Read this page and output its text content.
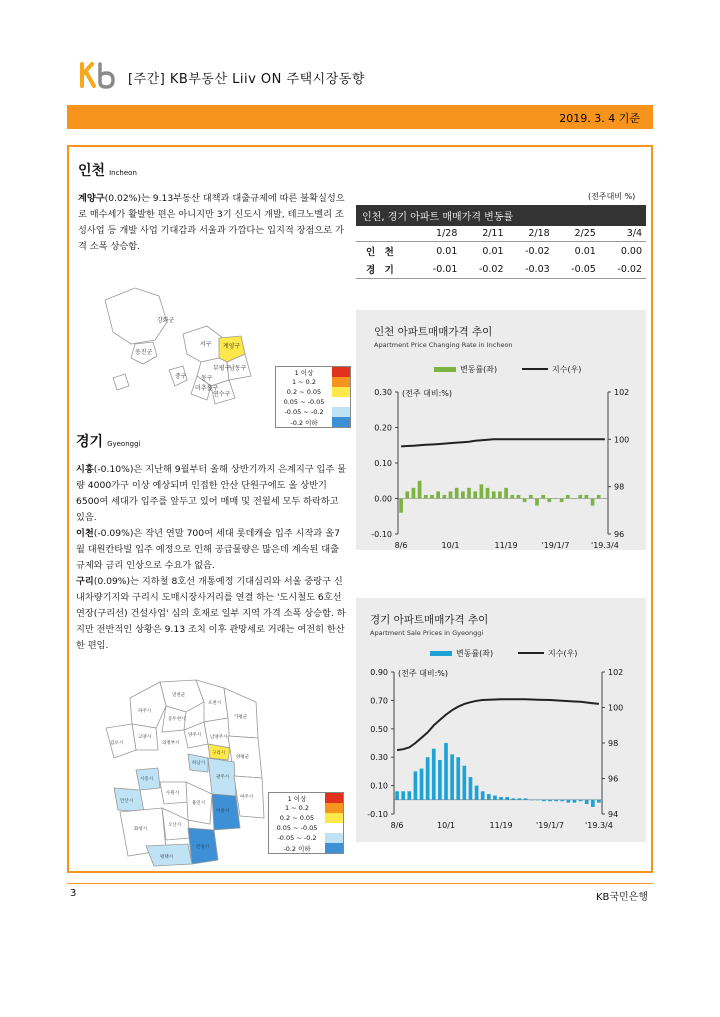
[주간] KB부동산 Liiv ON 주택시장동향
2019. 3. 4 기준
인천 Incheon
계양구(0.02%)는 9.13부동산 대책과 대출규제에 따른 불확실성으로 매수세가 활발한 편은 아니지만 3기 신도시 개발, 테크노벨리 조성사업 등 개발 사업 기대감과 서울과 가깝다는 입지적 장점으로 가격 소폭 상승함.
(전주대비 %)
인천, 경기 아파트 매매가격 변동률					
	1/28	2/11	2/18	2/25	3/4
인　천	0.01	0.01	-0.02	0.01	0.00
경　기	-0.01	-0.02	-0.03	-0.05	-0.02
강화군
서구 계양구
부평구
남동구
동구
중구
연수구
미추홀구
옹진군
1 이상
1 ~ 0.2
0.2 ~ 0.05
0.05 ~ -0.05
-0.05 ~ -0.2
-0.2 이하
경기 Gyeonggi
시흥(-0.10%)은 지난해 9월부터 올해 상반기까지 은계지구 입주 물량 4000가구 이상 예상되며 인접한 안산 단원구에도 올 상반기 6500여 세대가 입주를 앞두고 있어 매매 및 전월세 모두 하락하고 있음.
이천(-0.09%)은 작년 연말 700여 세대 롯데캐슬 입주 시작과 올7월 대원칸타빌 입주 예정으로 인해 공급물량은 많은데 계속된 대출 규제와 금리 인상으로 수요가 없음.
구리(0.09%)는 지하철 8호선 개통예정 기대심리와 서울 중랑구 신내차량기지와 구리시 도매시장사거리를 연결 하는 '도시철도 6호선 연장(구리선) 건설사업' 심의 호재로 일부 지역 가격 소폭 상승함. 하지만 전반적인 상황은 9.13 조치 이후 관망세로 거래는 여전히 한산한 편임.
연천군
포천시
파주시
동두천시
양주시
가평군
고양시
의정부시
남양주시
양평군
구리시
하남시
김포시
광주시
여주시
시흥시
안산시
수원시
용인시
이천시
화성시
오산시
안성시
평택시
1 이상
1 ~ 0.2
0.2 ~ 0.05
0.05 ~ -0.05
-0.05 ~ -0.2
-0.2 이하
인천 아파트매매가격 추이
Apartment Price Changing Rate in Incheon
변동률(좌)	지수(우)
(전주 대비:%)
0.30
0.20
0.10
0.00
-0.10
102
100
98
96
8/6	10/1	11/19	'19/1/7	'19.3/4
경기 아파트매매가격 추이
Apartment Sale Prices in Gyeonggi
변동률(좌)	지수(우)
(전주 대비:%)
0.90
0.70
0.50
0.30
0.10
-0.10
102
100
98
96
94
8/6	10/1	11/19	'19/1/7	'19.3/4
3	KB국민은행
